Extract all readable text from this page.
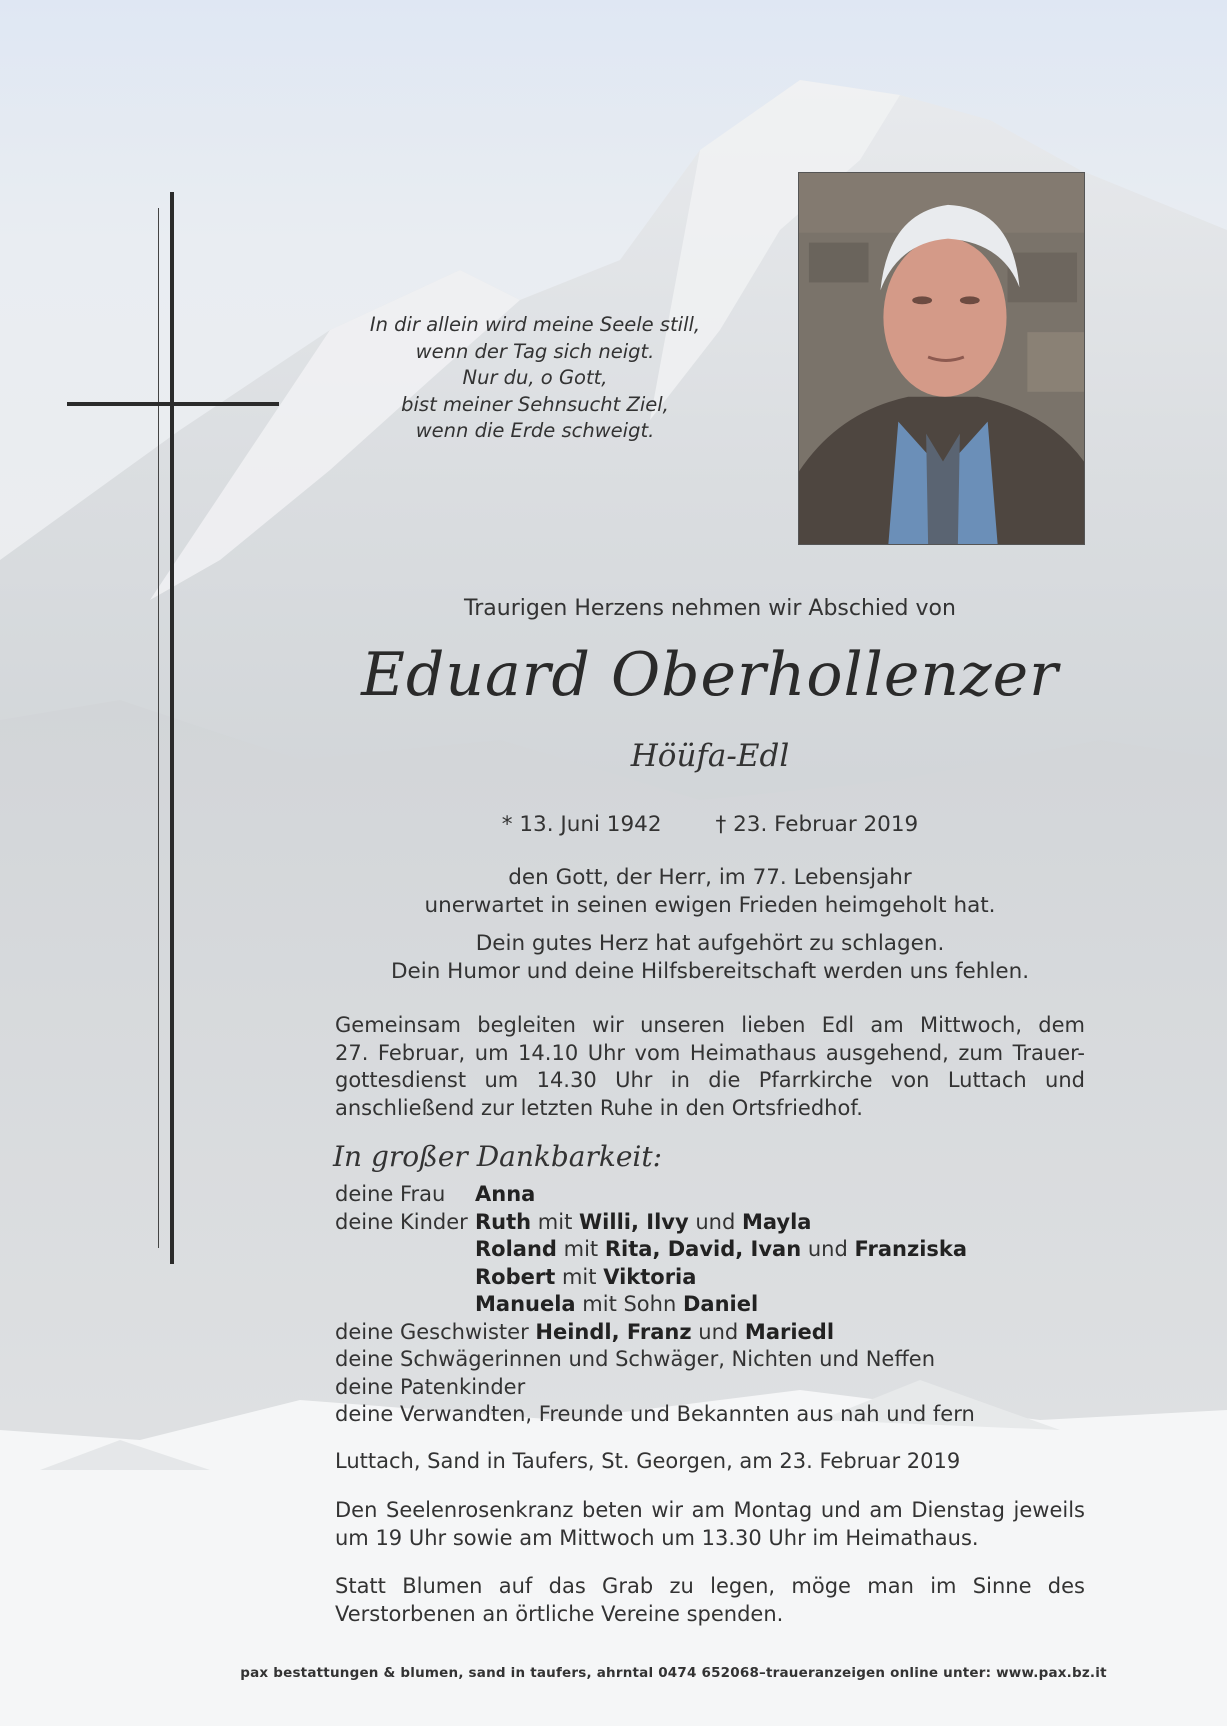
In dir allein wird meine Seele still,
wenn der Tag sich neigt.
Nur du, o Gott,
bist meiner Sehnsucht Ziel,
wenn die Erde schweigt.
Traurigen Herzens nehmen wir Abschied von
Eduard Oberhollenzer
Höüfa-Edl
* 13. Juni 1942	† 23. Februar 2019
den Gott, der Herr, im 77. Lebensjahr
unerwartet in seinen ewigen Frieden heimgeholt hat.
Dein gutes Herz hat aufgehört zu schlagen.
Dein Humor und deine Hilfsbereitschaft werden uns fehlen.
Gemeinsam begleiten wir unseren lieben Edl am Mittwoch, dem
27. Februar, um 14.10 Uhr vom Heimathaus ausgehend, zum Trauer-
gottesdienst um 14.30 Uhr in die Pfarrkirche von Luttach und
anschließend zur letzten Ruhe in den Ortsfriedhof.
In großer Dankbarkeit:
deine Frau Anna
deine Kinder Ruth mit Willi, Ilvy und Mayla
Roland mit Rita, David, Ivan und Franziska
Robert mit Viktoria
Manuela mit Sohn Daniel
deine Geschwister Heindl, Franz und Mariedl
deine Schwägerinnen und Schwäger, Nichten und Neffen
deine Patenkinder
deine Verwandten, Freunde und Bekannten aus nah und fern
Luttach, Sand in Taufers, St. Georgen, am 23. Februar 2019
Den Seelenrosenkranz beten wir am Montag und am Dienstag jeweils
um 19 Uhr sowie am Mittwoch um 13.30 Uhr im Heimathaus.
Statt Blumen auf das Grab zu legen, möge man im Sinne des
Verstorbenen an örtliche Vereine spenden.
pax bestattungen & blumen, sand in taufers, ahrntal 0474 652068–traueranzeigen online unter: www.pax.bz.it
